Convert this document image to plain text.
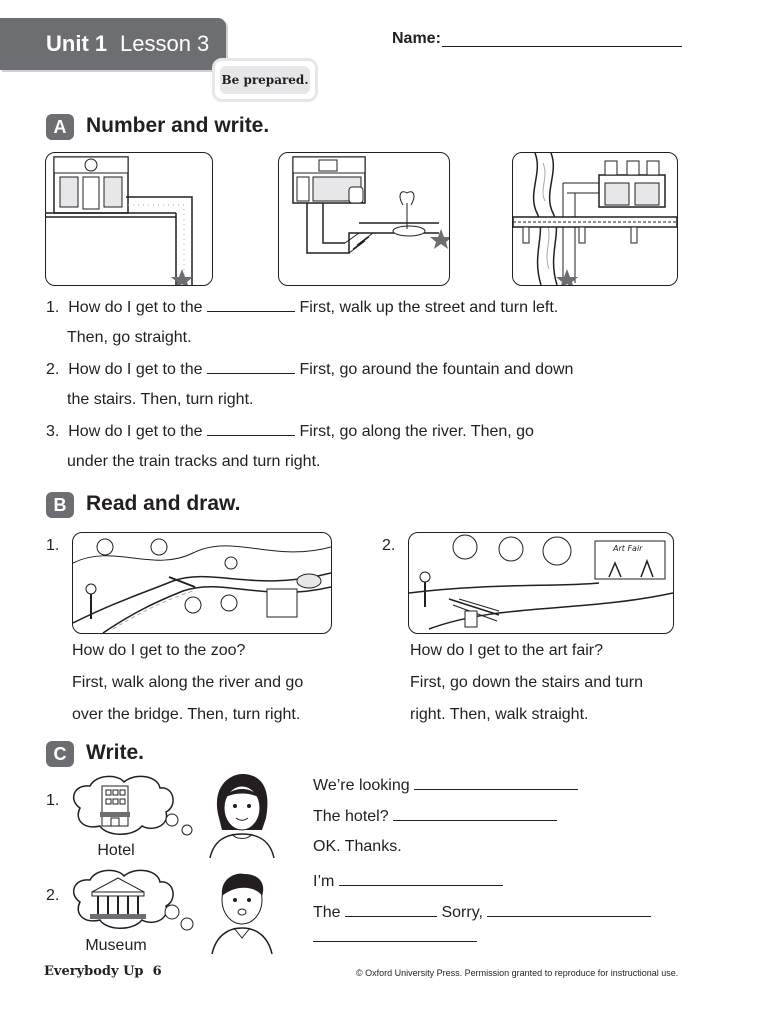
Unit 1 Lesson 3	Name:
Be prepared.
A Number and write.
1. How do I get to the	First, walk up the street and turn left.
Then, go straight.
2. How do I get to the	First, go around the fountain and down
the stairs. Then, turn right.
3. How do I get to the	First, go along the river. Then, go
under the train tracks and turn right.
B Read and draw.
1.
How do I get to the zoo?
First, walk along the river and go
over the bridge. Then, turn right.
2.	Art Fair
How do I get to the art fair?
First, go down the stairs and turn
right. Then, walk straight.
C Write.
1.
Hotel
We’re looking
The hotel?
OK. Thanks.
2.
Museum
I’m
The	Sorry,
Everybody Up 6	© Oxford University Press. Permission granted to reproduce for instructional use.
